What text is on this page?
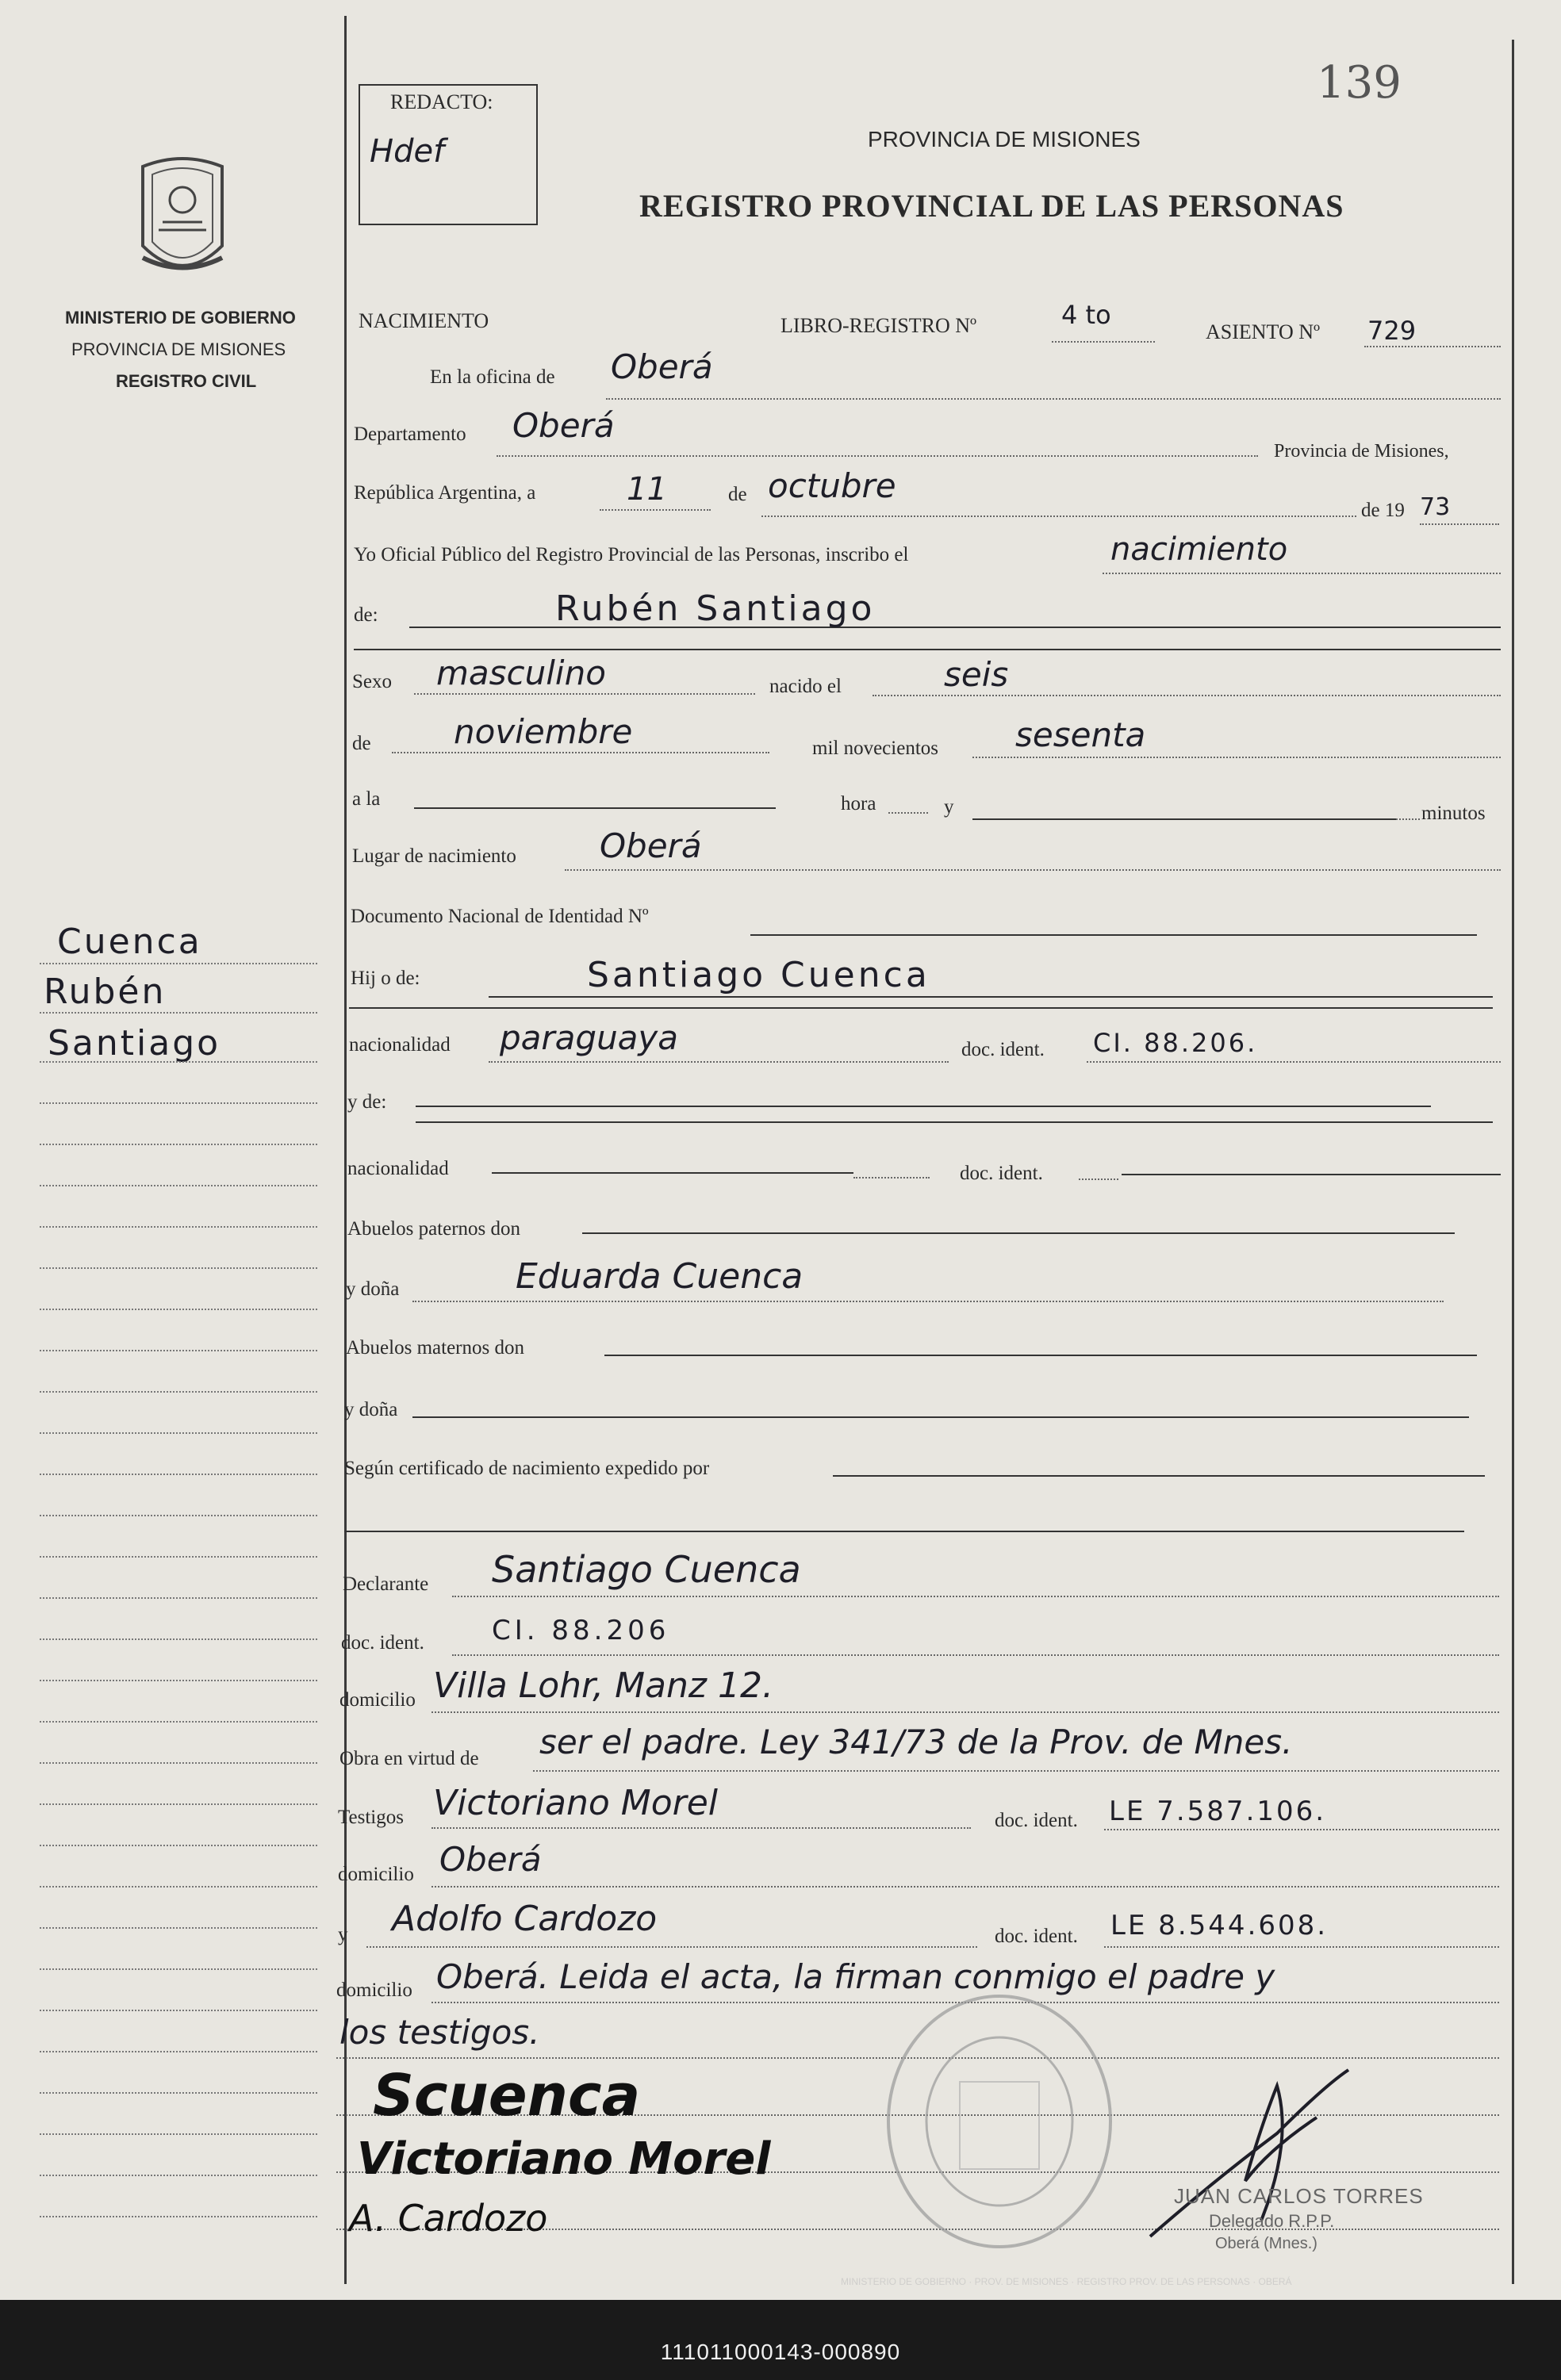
139
MINISTERIO DE GOBIERNO
PROVINCIA DE MISIONES
REGISTRO CIVIL
Cuenca
Rubén
Santiago
REDACTO:
Hdef	PROVINCIA DE MISIONES
REGISTRO PROVINCIAL DE LAS PERSONAS
NACIMIENTO	LIBRO-REGISTRO Nº	4 to
ASIENTO Nº 729
En la oficina de Oberá
Departamento Oberá
Provincia de Misiones,
República Argentina, a	11	de octubre
de 19 73
Yo Oficial Público del Registro Provincial de las Personas, inscribo el	nacimiento
de:	Rubén Santiago
Sexo masculino	nacido el	seis
de noviembre	mil novecientos sesenta
a la	hora	y	minutos
Lugar de nacimiento	Oberá
Documento Nacional de Identidad Nº
Hij o de:	Santiago Cuenca
nacionalidad paraguaya	doc. ident. CI. 88.206.
y de:
nacionalidad	doc. ident.
Abuelos paternos don
y doña	Eduarda Cuenca
Abuelos maternos don
y doña
Según certificado de nacimiento expedido por
Declarante Santiago Cuenca
doc. ident.	CI. 88.206
domicilio Villa Lohr, Manz 12.
Obra en virtud de ser el padre. Ley 341/73 de la Prov. de Mnes.
Testigos Victoriano Morel	doc. ident. LE 7.587.106.
domicilio Oberá
y Adolfo Cardozo	doc. ident. LE 8.544.608.
domicilio Oberá. Leida el acta, la firman conmigo el padre y
los testigos.
Scuenca
Victoriano Morel
A. Cardozo
JUAN CARLOS TORRES
Delegado R.P.P.
Oberá (Mnes.)
MINISTERIO DE GOBIERNO · PROV. DE MISIONES · REGISTRO PROV. DE LAS PERSONAS · OBERÁ
111011000143-000890
